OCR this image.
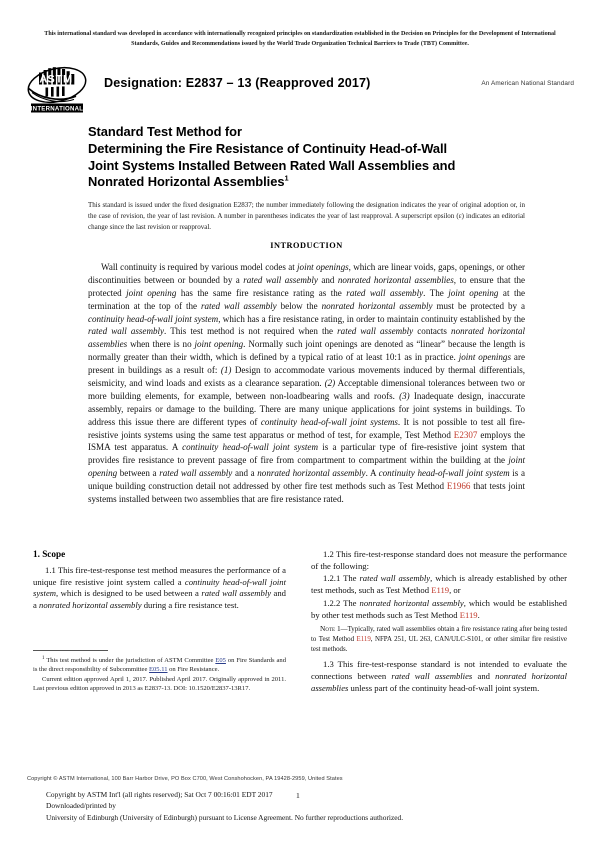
This international standard was developed in accordance with internationally recognized principles on standardization established in the Decision on Principles for the Development of International Standards, Guides and Recommendations issued by the World Trade Organization Technical Barriers to Trade (TBT) Committee.
A S T M
INTERNATIONAL
Designation: E2837 – 13 (Reapproved 2017)	An American National Standard
Standard Test Method for
Determining the Fire Resistance of Continuity Head-of-Wall
Joint Systems Installed Between Rated Wall Assemblies and
Nonrated Horizontal Assemblies$^1$
This standard is issued under the fixed designation E2837; the number immediately following the designation indicates the year of original adoption or, in the case of revision, the year of last revision. A number in parentheses indicates the year of last reapproval. A superscript epsilon (ε) indicates an editorial change since the last revision or reapproval.
INTRODUCTION
Wall continuity is required by various model codes at joint openings, which are linear voids, gaps, openings, or other discontinuities between or bounded by a rated wall assembly and nonrated horizontal assemblies, to ensure that the protected joint opening has the same fire resistance rating as the rated wall assembly. The joint opening at the termination at the top of the rated wall assembly below the nonrated horizontal assembly must be protected by a continuity head-of-wall joint system, which has a fire resistance rating, in order to maintain continuity established by the rated wall assembly. This test method is not required when the rated wall assembly contacts nonrated horizontal assemblies when there is no joint opening. Normally such joint openings are denoted as “linear” because the length is normally greater than their width, which is defined by a typical ratio of at least 10:1 as in practice. joint openings are present in buildings as a result of: (1) Design to accommodate various movements induced by thermal differentials, seismicity, and wind loads and exists as a clearance separation. (2) Acceptable dimensional tolerances between two or more building elements, for example, between non-loadbearing walls and roofs. (3) Inadequate design, inaccurate assembly, repairs or damage to the building. There are many unique applications for joint systems in buildings. To address this issue there are different types of continuity head-of-wall joint systems. It is not possible to test all fire-resistive joints systems using the same test apparatus or method of test, for example, Test Method E2307 employs the ISMA test apparatus. A continuity head-of-wall joint system is a particular type of fire-resistive joint system that provides fire resistance to prevent passage of fire from compartment to compartment within the building at the joint opening between a rated wall assembly and a nonrated horizontal assembly. A continuity head-of-wall joint system is a unique building construction detail not addressed by other fire test methods such as Test Method E1966 that tests joint systems installed between two assemblies that are fire resistance rated.
1. Scope

1.1 This fire-test-response test method measures the performance of a unique fire resistive joint system called a continuity head-of-wall joint system, which is designed to be used between a rated wall assembly and a nonrated horizontal assembly during a fire resistance test.

$^1$ This test method is under the jurisdiction of ASTM Committee E05 on Fire Standards and is the direct responsibility of Subcommittee E05.11 on Fire Resistance.

Current edition approved April 1, 2017. Published April 2017. Originally approved in 2011. Last previous edition approved in 2013 as E2837-13. DOI: 10.1520/E2837-13R17.

1.2 This fire-test-response standard does not measure the performance of the following:

1.2.1 The rated wall assembly, which is already established by other test methods, such as Test Method E119, or

1.2.2 The nonrated horizontal assembly, which would be established by other test methods such as Test Method E119.

Note 1—Typically, rated wall assemblies obtain a fire resistance rating after being tested to Test Method E119, NFPA 251, UL 263, CAN/ULC-S101, or other similar fire resistive test methods.

1.3 This fire-test-response standard is not intended to evaluate the connections between rated wall assemblies and nonrated horizontal assemblies unless part of the continuity head-of-wall joint system.

Copyright © ASTM International, 100 Barr Harbor Drive, PO Box C700, West Conshohocken, PA 19428-2959, United States
Copyright by ASTM Int'l (all rights reserved); Sat Oct 7 00:16:01 EDT 2017
Downloaded/printed by
University of Edinburgh (University of Edinburgh) pursuant to License Agreement. No further reproductions authorized.
1
